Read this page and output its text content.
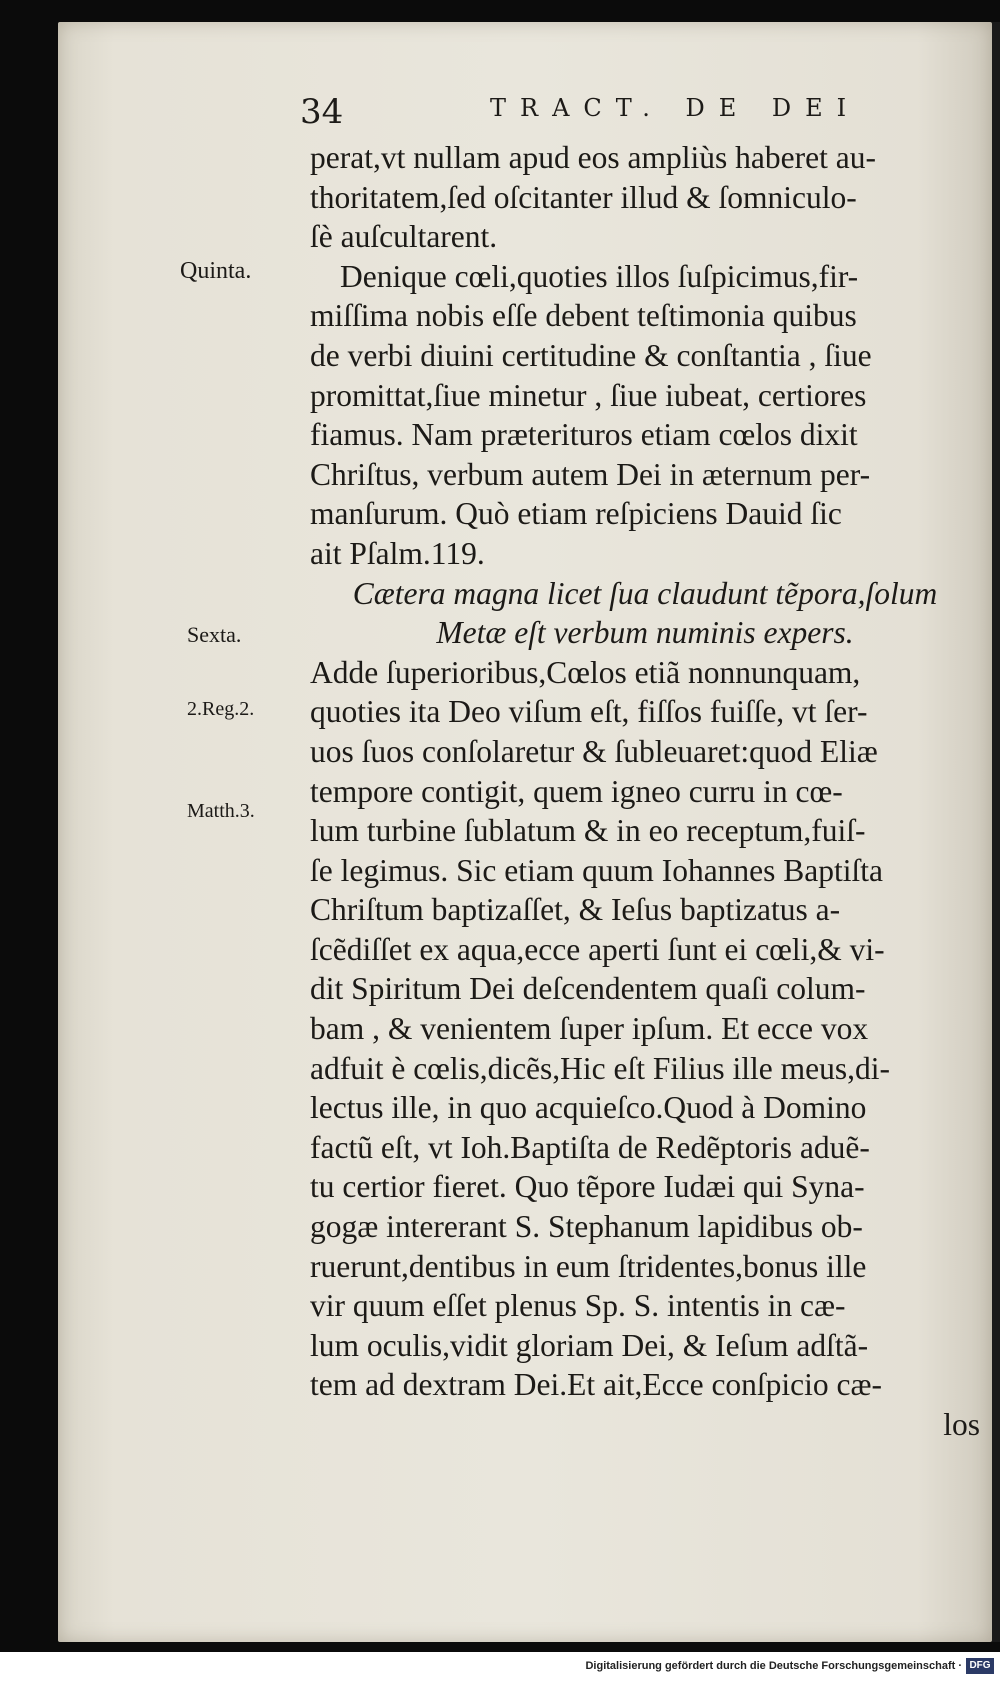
34	TRACT. DE DEI
Quinta.
Sexta.
2.Reg.2.
Matth.3.
perat,vt nullam apud eos ampliùs haberet au-
thoritatem,ſed oſcitanter illud & ſomniculo-
ſè auſcultarent.
Denique cœli,quoties illos ſuſpicimus,fir-
miſſima nobis eſſe debent teſtimonia quibus
de verbi diuini certitudine & conſtantia , ſiue
promittat,ſiue minetur , ſiue iubeat, certiores
fiamus. Nam præterituros etiam cœlos dixit
Chriſtus, verbum autem Dei in æternum per-
manſurum. Quò etiam reſpiciens Dauid ſic
ait Pſalm.119.
Cætera magna licet ſua claudunt tẽpora,ſolum
Metæ eſt verbum numinis expers.
Adde ſuperioribus,Cœlos etiã nonnunquam,
quoties ita Deo viſum eſt, fiſſos fuiſſe, vt ſer-
uos ſuos conſolaretur & ſubleuaret:quod Eliæ
tempore contigit, quem igneo curru in cœ-
lum turbine ſublatum & in eo receptum,fuiſ-
ſe legimus. Sic etiam quum Iohannes Baptiſta
Chriſtum baptizaſſet, & Ieſus baptizatus a-
ſcẽdiſſet ex aqua,ecce aperti ſunt ei cœli,& vi-
dit Spiritum Dei deſcendentem quaſi colum-
bam , & venientem ſuper ipſum. Et ecce vox
adfuit è cœlis,dicẽs,Hic eſt Filius ille meus,di-
lectus ille, in quo acquieſco.Quod à Domino
factũ eſt, vt Ioh.Baptiſta de Redẽptoris aduẽ-
tu certior fieret. Quo tẽpore Iudæi qui Syna-
gogæ intererant S. Stephanum lapidibus ob-
ruerunt,dentibus in eum ſtridentes,bonus ille
vir quum eſſet plenus Sp. S. intentis in cæ-
lum oculis,vidit gloriam Dei, & Ieſum adſtã-
tem ad dextram Dei.Et ait,Ecce conſpicio cæ-
los
Digitalisierung gefördert durch die Deutsche Forschungsgemeinschaft · DFG
